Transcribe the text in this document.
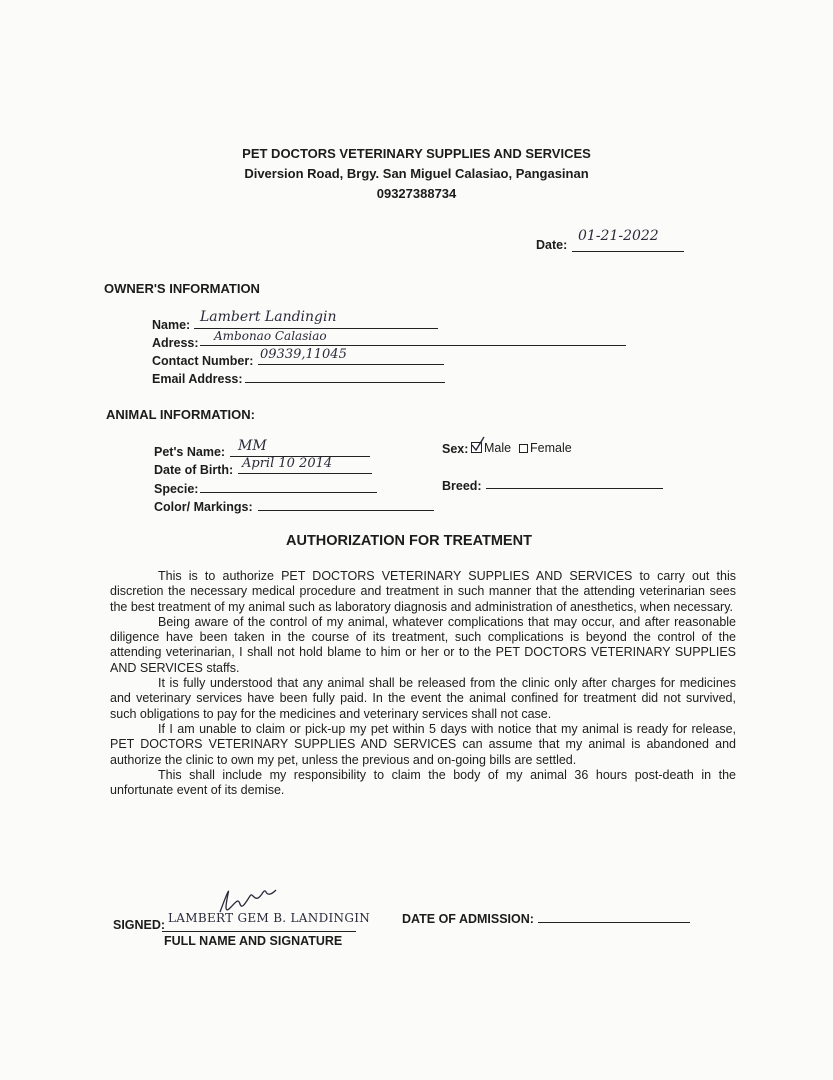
PET DOCTORS VETERINARY SUPPLIES AND SERVICES
Diversion Road, Brgy. San Miguel Calasiao, Pangasinan
09327388734
Date:
01-21-2022
OWNER'S INFORMATION
Name: Lambert Landingin
Adress: Ambonao Calasiao
Contact Number: 09339,11045
Email Address:
ANIMAL INFORMATION:
Pet's Name: MM
Date of Birth: April 10 2014
Specie:
Color/ Markings:
Sex: Male Female
Breed:
AUTHORIZATION FOR TREATMENT

This is to authorize PET DOCTORS VETERINARY SUPPLIES AND SERVICES to carry out this discretion the necessary medical procedure and treatment in such manner that the attending veterinarian sees the best treatment of my animal such as laboratory diagnosis and administration of anesthetics, when necessary.

Being aware of the control of my animal, whatever complications that may occur, and after reasonable diligence have been taken in the course of its treatment, such complications is beyond the control of the attending veterinarian, I shall not hold blame to him or her or to the PET DOCTORS VETERINARY SUPPLIES AND SERVICES staffs.

It is fully understood that any animal shall be released from the clinic only after charges for medicines and veterinary services have been fully paid. In the event the animal confined for treatment did not survived, such obligations to pay for the medicines and veterinary services shall not case.

If I am unable to claim or pick-up my pet within 5 days with notice that my animal is ready for release, PET DOCTORS VETERINARY SUPPLIES AND SERVICES can assume that my animal is abandoned and authorize the clinic to own my pet, unless the previous and on-going bills are settled.

This shall include my responsibility to claim the body of my animal 36 hours post-death in the unfortunate event of its demise.

SIGNED: LAMBERT GEM B. LANDINGIN
FULL NAME AND SIGNATURE
DATE OF ADMISSION:
